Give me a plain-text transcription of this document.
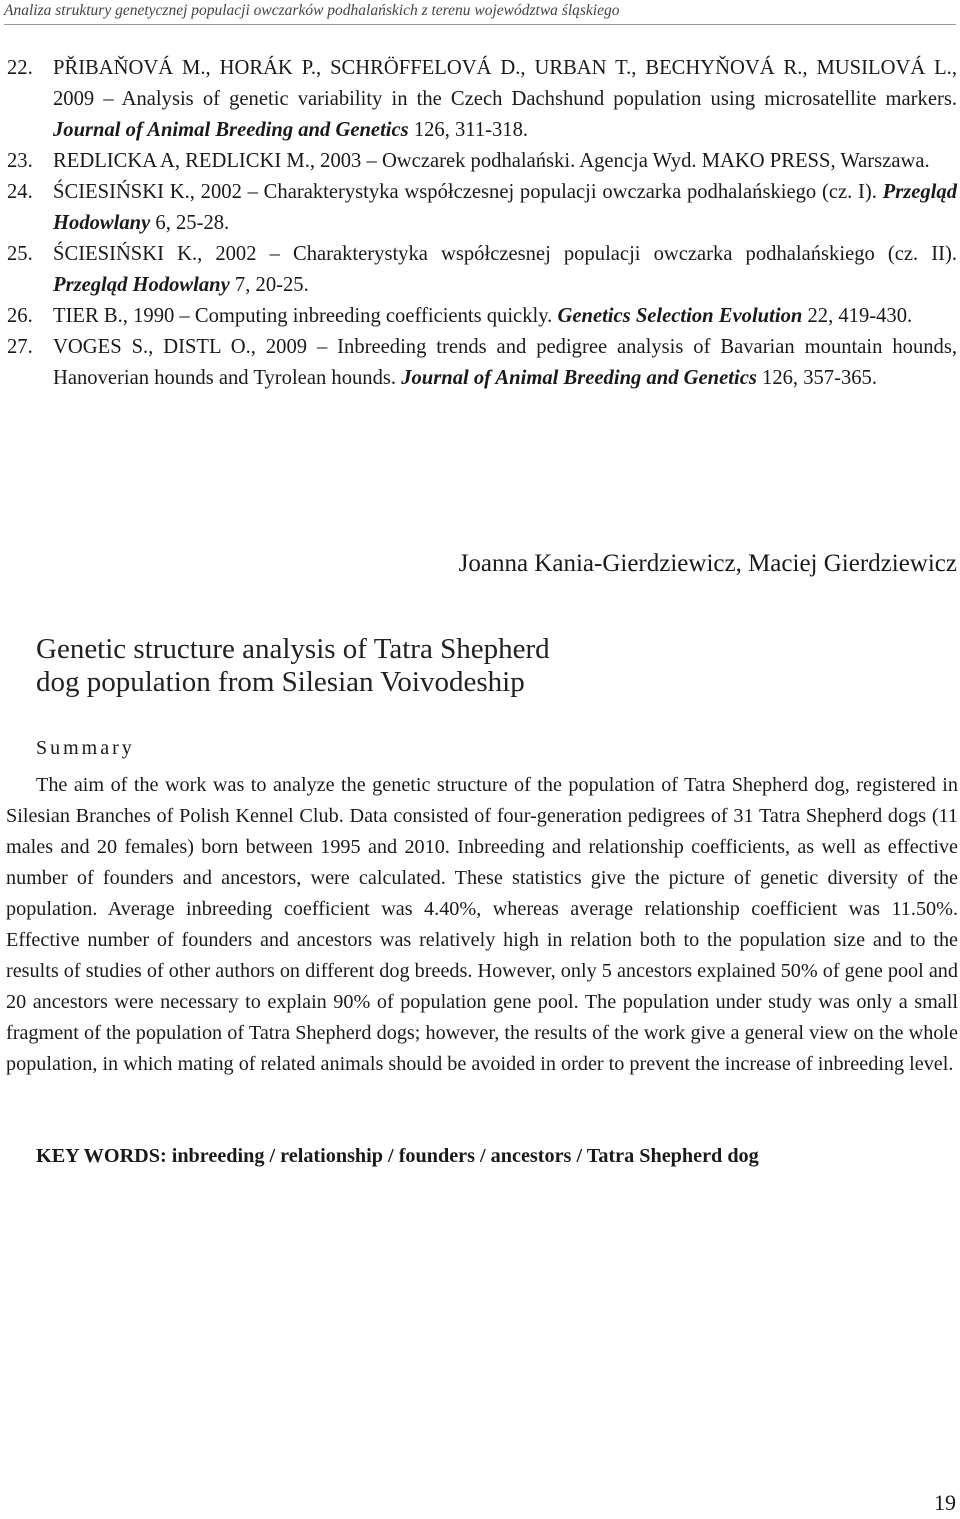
Analiza struktury genetycznej populacji owczarków podhalańskich z terenu województwa śląskiego
22. PŘIBAŇOVÁ M., HORÁK P., SCHRÖFFELOVÁ D., URBAN T., BECHYŇOVÁ R., MUSILOVÁ L., 2009 – Analysis of genetic variability in the Czech Dachshund population using microsatellite markers. Journal of Animal Breeding and Genetics 126, 311-318.
23. REDLICKA A, REDLICKI M., 2003 – Owczarek podhalański. Agencja Wyd. MAKO PRESS, Warszawa.
24. ŚCIESIŃSKI K., 2002 – Charakterystyka współczesnej populacji owczarka podhalańskiego (cz. I). Przegląd Hodowlany 6, 25-28.
25. ŚCIESIŃSKI K., 2002 – Charakterystyka współczesnej populacji owczarka podhalańskiego (cz. II). Przegląd Hodowlany 7, 20-25.
26. TIER B., 1990 – Computing inbreeding coefficients quickly. Genetics Selection Evolution 22, 419-430.
27. VOGES S., DISTL O., 2009 – Inbreeding trends and pedigree analysis of Bavarian mountain hounds, Hanoverian hounds and Tyrolean hounds. Journal of Animal Breeding and Genetics 126, 357-365.
Joanna Kania-Gierdziewicz, Maciej Gierdziewicz
Genetic structure analysis of Tatra Shepherd
dog population from Silesian Voivodeship
Summary

The aim of the work was to analyze the genetic structure of the population of Tatra Shepherd dog, registered in Silesian Branches of Polish Kennel Club. Data consisted of four-generation pedigrees of 31 Tatra Shepherd dogs (11 males and 20 females) born between 1995 and 2010. Inbreeding and relationship coefficients, as well as effective number of founders and ancestors, were calculated. These statistics give the picture of genetic diversity of the population. Average inbreeding coefficient was 4.40%, whereas average relationship coefficient was 11.50%. Effective number of founders and ancestors was relatively high in relation both to the population size and to the results of studies of other authors on different dog breeds. However, only 5 ancestors explained 50% of gene pool and 20 ancestors were necessary to explain 90% of population gene pool. The population under study was only a small fragment of the population of Tatra Shepherd dogs; however, the results of the work give a general view on the whole population, in which mating of related animals should be avoided in order to prevent the increase of inbreeding level.

KEY WORDS: inbreeding / relationship / founders / ancestors / Tatra Shepherd dog
19
